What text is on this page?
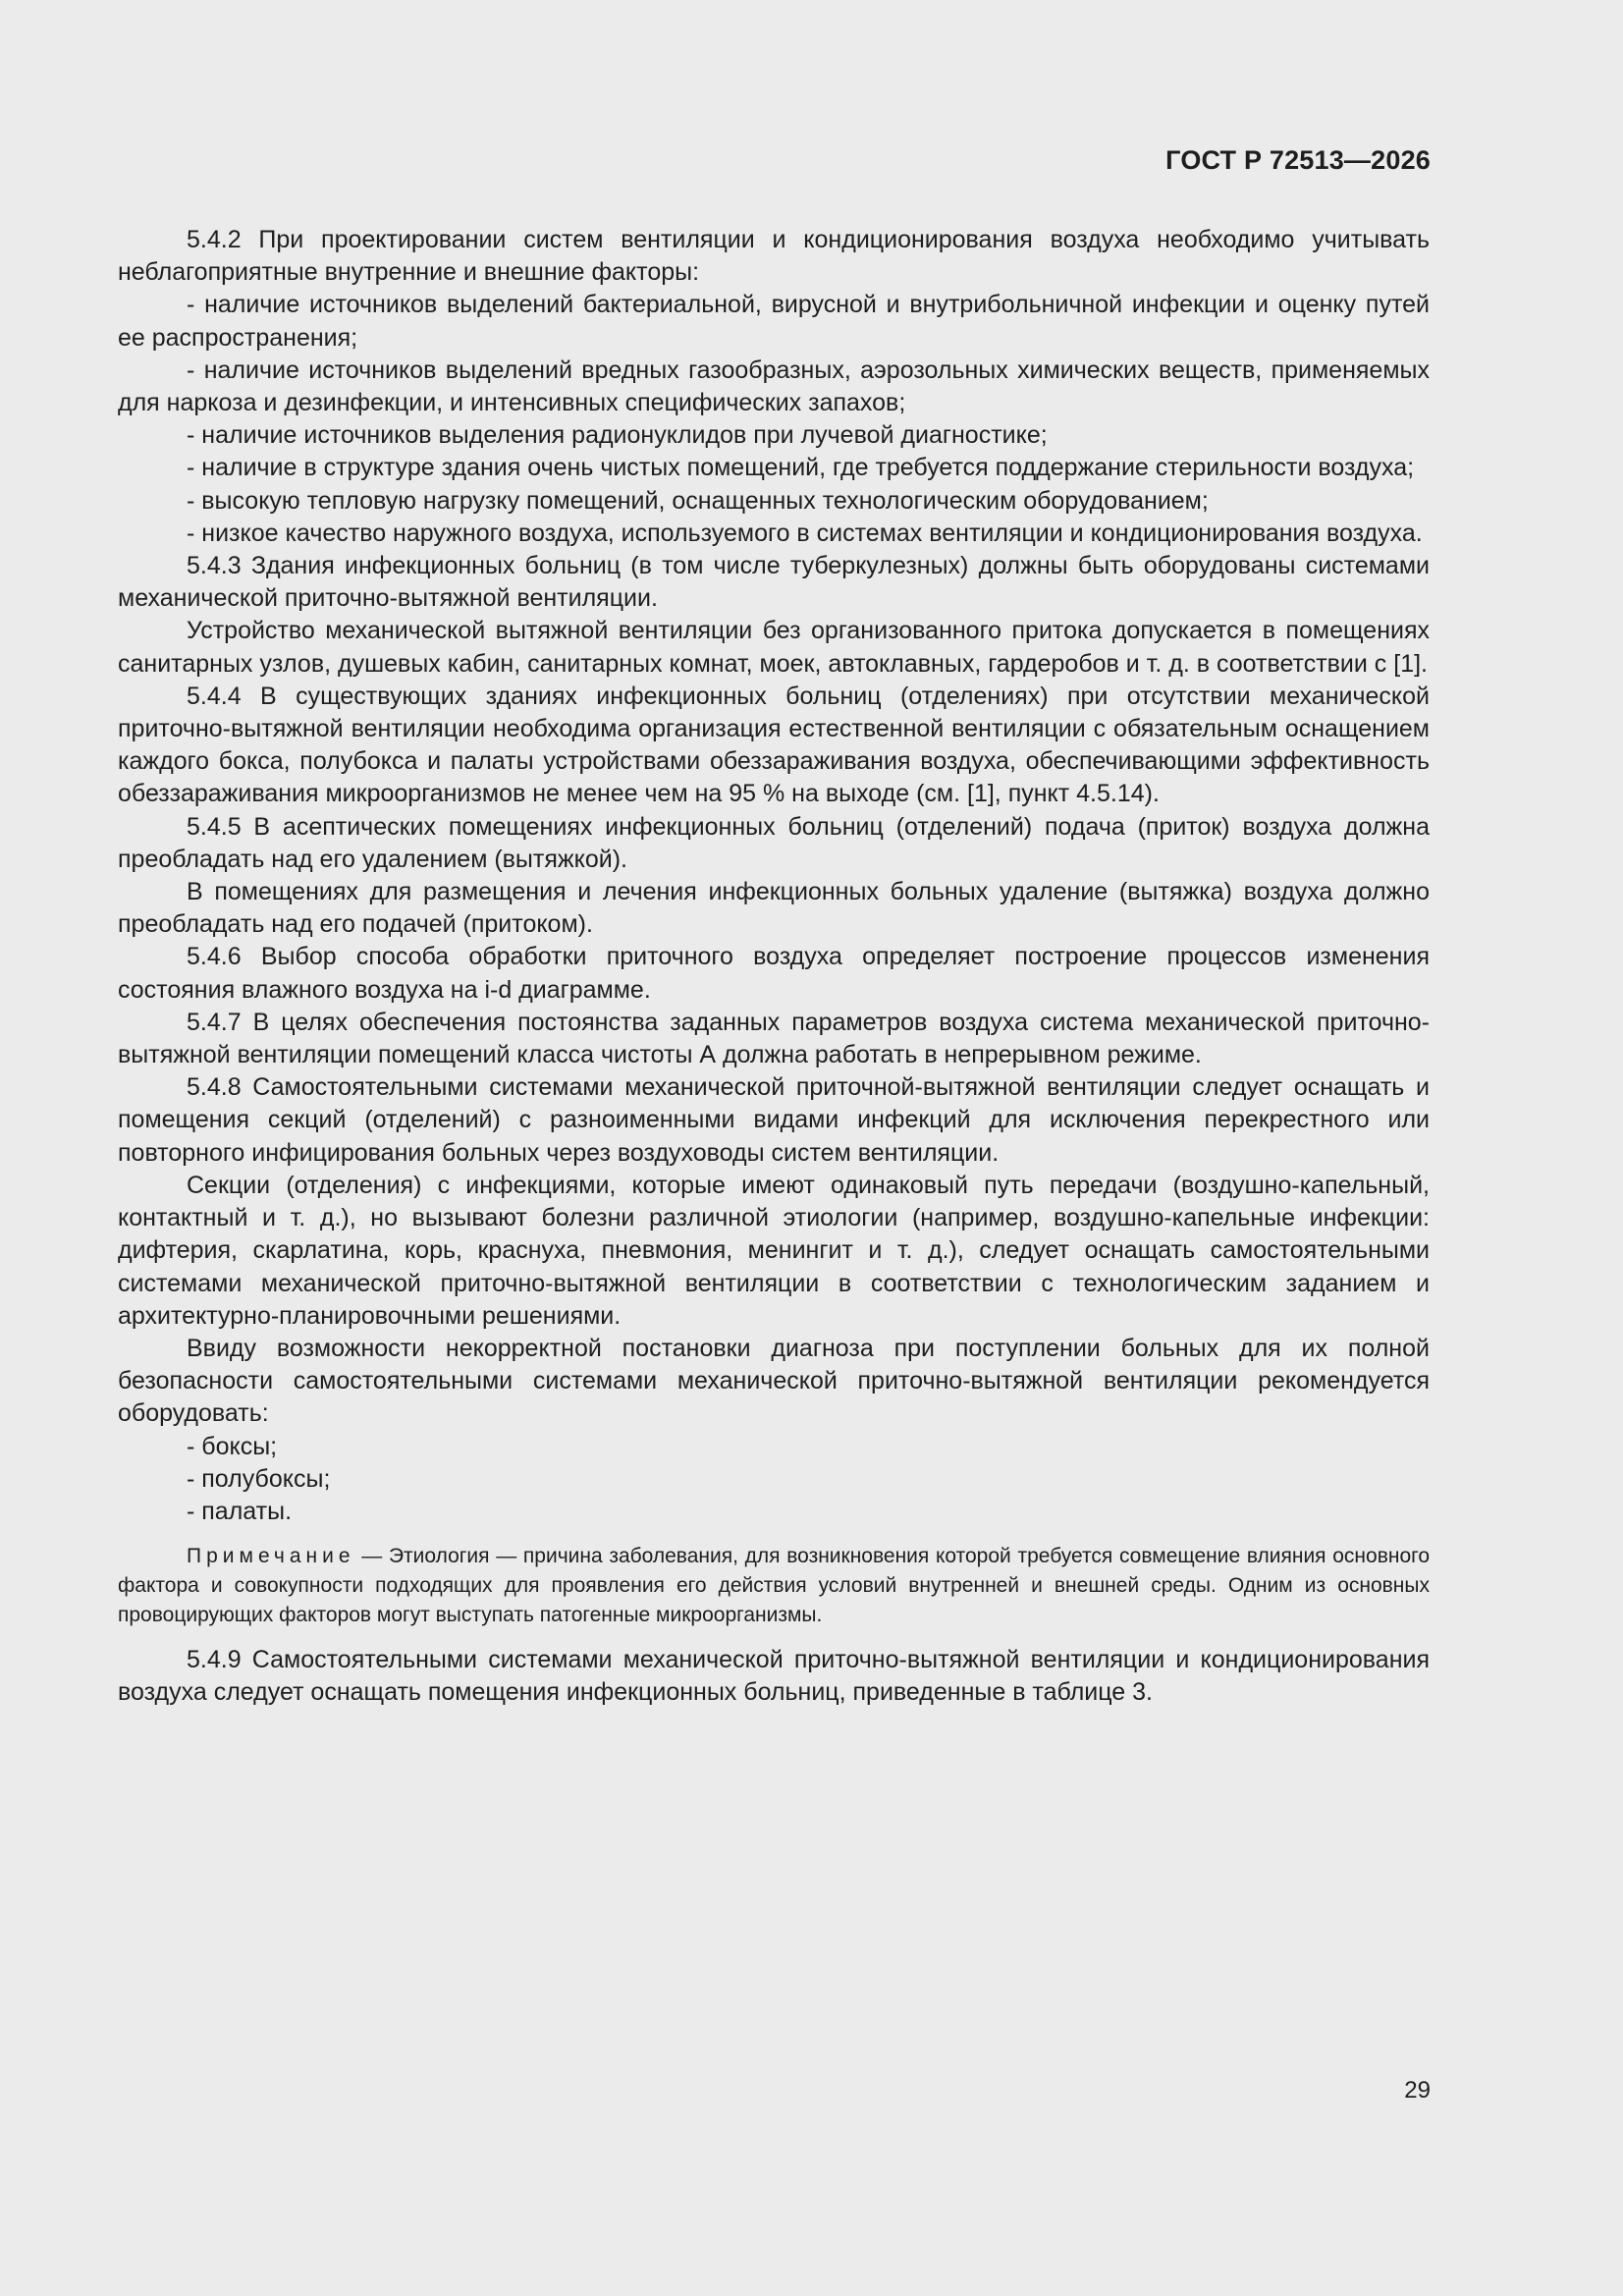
ГОСТ Р 72513—2026

5.4.2 При проектировании систем вентиляции и кондиционирования воздуха необходимо учитывать неблагоприятные внутренние и внешние факторы:

- наличие источников выделений бактериальной, вирусной и внутрибольничной инфекции и оценку путей ее распространения;

- наличие источников выделений вредных газообразных, аэрозольных химических веществ, применяемых для наркоза и дезинфекции, и интенсивных специфических запахов;

- наличие источников выделения радионуклидов при лучевой диагностике;

- наличие в структуре здания очень чистых помещений, где требуется поддержание стерильности воздуха;

- высокую тепловую нагрузку помещений, оснащенных технологическим оборудованием;

- низкое качество наружного воздуха, используемого в системах вентиляции и кондиционирования воздуха.

5.4.3 Здания инфекционных больниц (в том числе туберкулезных) должны быть оборудованы системами механической приточно-вытяжной вентиляции.

Устройство механической вытяжной вентиляции без организованного притока допускается в помещениях санитарных узлов, душевых кабин, санитарных комнат, моек, автоклавных, гардеробов и т. д. в соответствии с [1].

5.4.4 В существующих зданиях инфекционных больниц (отделениях) при отсутствии механической приточно-вытяжной вентиляции необходима организация естественной вентиляции с обязательным оснащением каждого бокса, полубокса и палаты устройствами обеззараживания воздуха, обеспечивающими эффективность обеззараживания микроорганизмов не менее чем на 95 % на выходе (см. [1], пункт 4.5.14).

5.4.5 В асептических помещениях инфекционных больниц (отделений) подача (приток) воздуха должна преобладать над его удалением (вытяжкой).

В помещениях для размещения и лечения инфекционных больных удаление (вытяжка) воздуха должно преобладать над его подачей (притоком).

5.4.6 Выбор способа обработки приточного воздуха определяет построение процессов изменения состояния влажного воздуха на i-d диаграмме.

5.4.7 В целях обеспечения постоянства заданных параметров воздуха система механической приточно-вытяжной вентиляции помещений класса чистоты А должна работать в непрерывном режиме.

5.4.8 Самостоятельными системами механической приточной-вытяжной вентиляции следует оснащать и помещения секций (отделений) с разноименными видами инфекций для исключения перекрестного или повторного инфицирования больных через воздуховоды систем вентиляции.

Секции (отделения) с инфекциями, которые имеют одинаковый путь передачи (воздушно-капельный, контактный и т. д.), но вызывают болезни различной этиологии (например, воздушно-капельные инфекции: дифтерия, скарлатина, корь, краснуха, пневмония, менингит и т. д.), следует оснащать самостоятельными системами механической приточно-вытяжной вентиляции в соответствии с технологическим заданием и архитектурно-планировочными решениями.

Ввиду возможности некорректной постановки диагноза при поступлении больных для их полной безопасности самостоятельными системами механической приточно-вытяжной вентиляции рекомендуется оборудовать:

- боксы;

- полубоксы;

- палаты.

Примечание — Этиология — причина заболевания, для возникновения которой требуется совмещение влияния основного фактора и совокупности подходящих для проявления его действия условий внутренней и внешней среды. Одним из основных провоцирующих факторов могут выступать патогенные микроорганизмы.

5.4.9 Самостоятельными системами механической приточно-вытяжной вентиляции и кондиционирования воздуха следует оснащать помещения инфекционных больниц, приведенные в таблице 3.

29
